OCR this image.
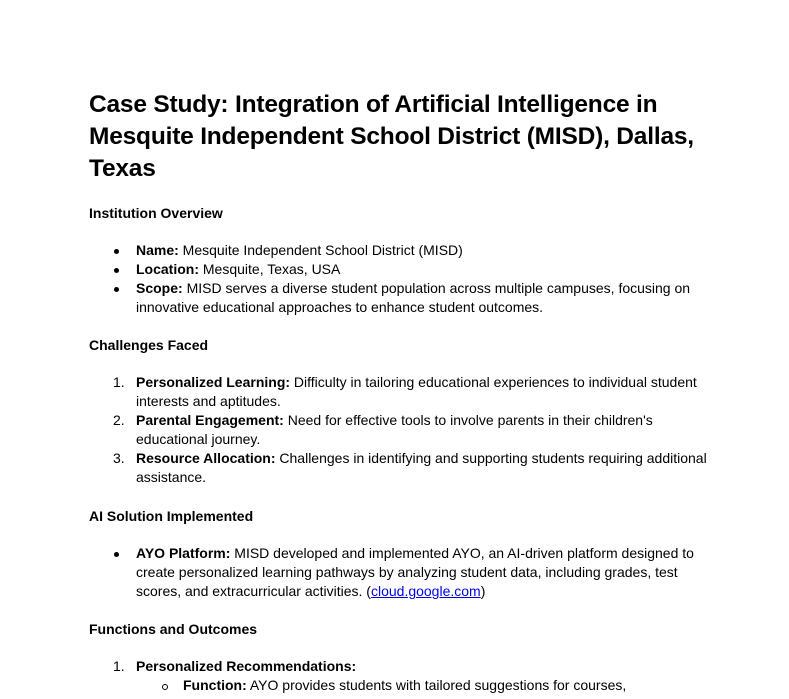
Case Study: Integration of Artificial Intelligence in Mesquite Independent School District (MISD), Dallas, Texas
Institution Overview
Name: Mesquite Independent School District (MISD)
Location: Mesquite, Texas, USA
Scope: MISD serves a diverse student population across multiple campuses, focusing on innovative educational approaches to enhance student outcomes.
Challenges Faced
1. Personalized Learning: Difficulty in tailoring educational experiences to individual student interests and aptitudes.
2. Parental Engagement: Need for effective tools to involve parents in their children's educational journey.
3. Resource Allocation: Challenges in identifying and supporting students requiring additional assistance.
AI Solution Implemented
AYO Platform: MISD developed and implemented AYO, an AI-driven platform designed to create personalized learning pathways by analyzing student data, including grades, test scores, and extracurricular activities. (cloud.google.com)
Functions and Outcomes
1. Personalized Recommendations:
Function: AYO provides students with tailored suggestions for courses,
